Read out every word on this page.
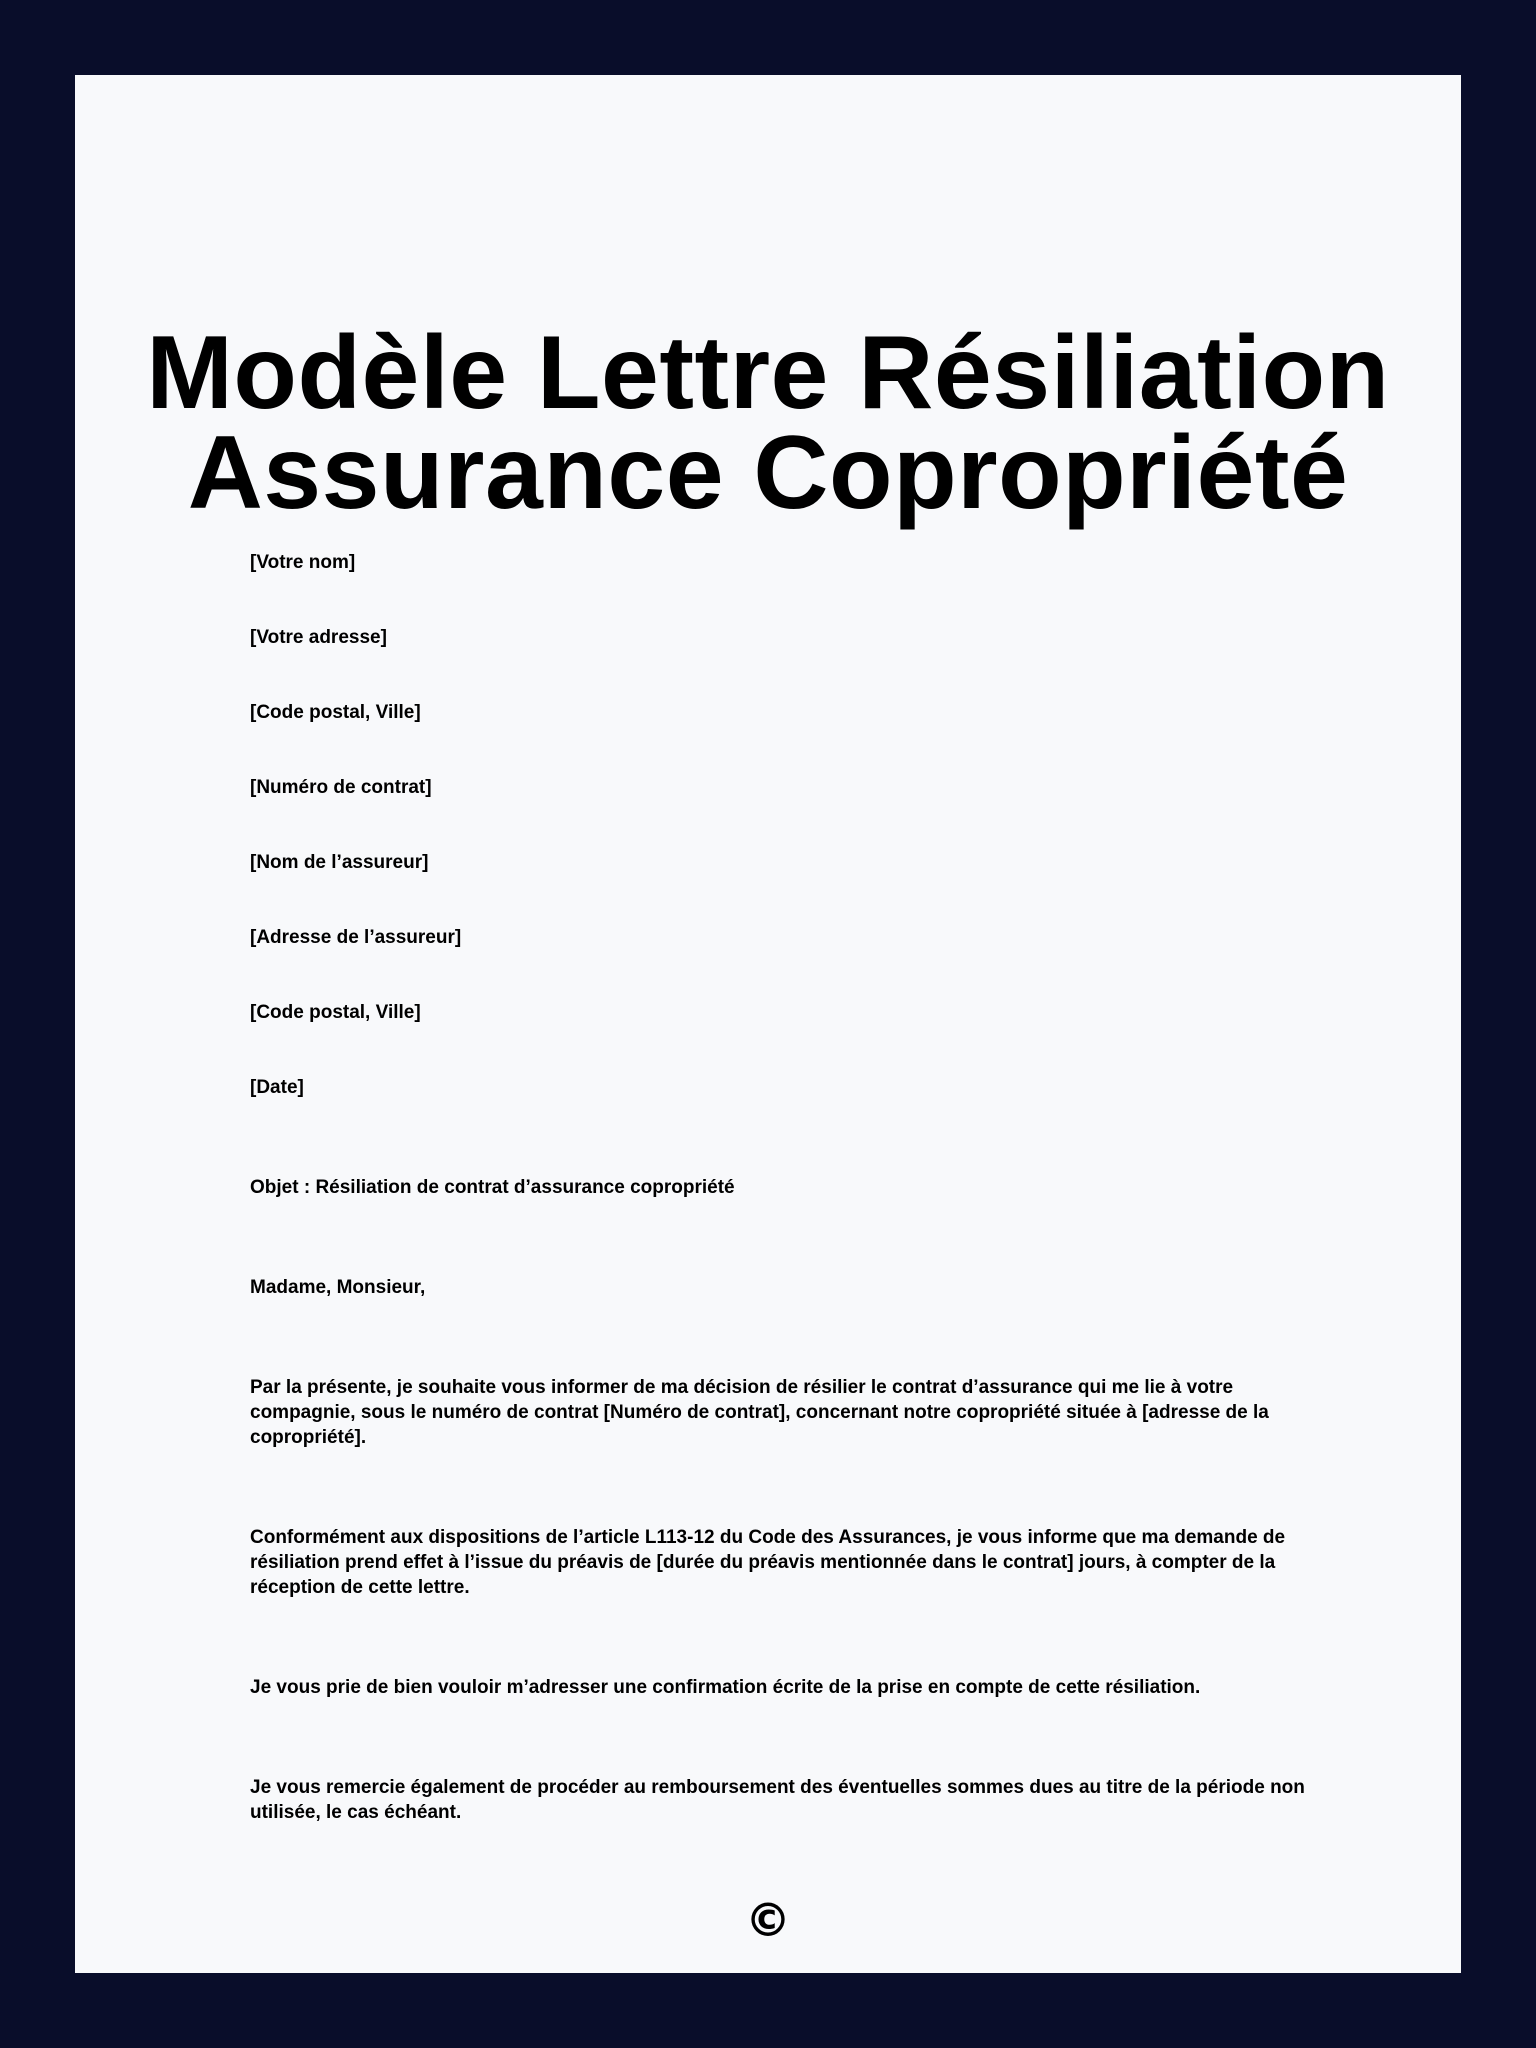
Modèle Lettre Résiliation
Assurance Copropriété

[Votre nom]

[Votre adresse]

[Code postal, Ville]

[Numéro de contrat]

[Nom de l’assureur]

[Adresse de l’assureur]

[Code postal, Ville]

[Date]

Objet : Résiliation de contrat d’assurance copropriété

Madame, Monsieur,

Par la présente, je souhaite vous informer de ma décision de résilier le contrat d’assurance qui me lie à votre compagnie, sous le numéro de contrat [Numéro de contrat], concernant notre copropriété située à [adresse de la copropriété].

Conformément aux dispositions de l’article L113-12 du Code des Assurances, je vous informe que ma demande de résiliation prend effet à l’issue du préavis de [durée du préavis mentionnée dans le contrat] jours, à compter de la réception de cette lettre.

Je vous prie de bien vouloir m’adresser une confirmation écrite de la prise en compte de cette résiliation.

Je vous remercie également de procéder au remboursement des éventuelles sommes dues au titre de la période non utilisée, le cas échéant.

©
